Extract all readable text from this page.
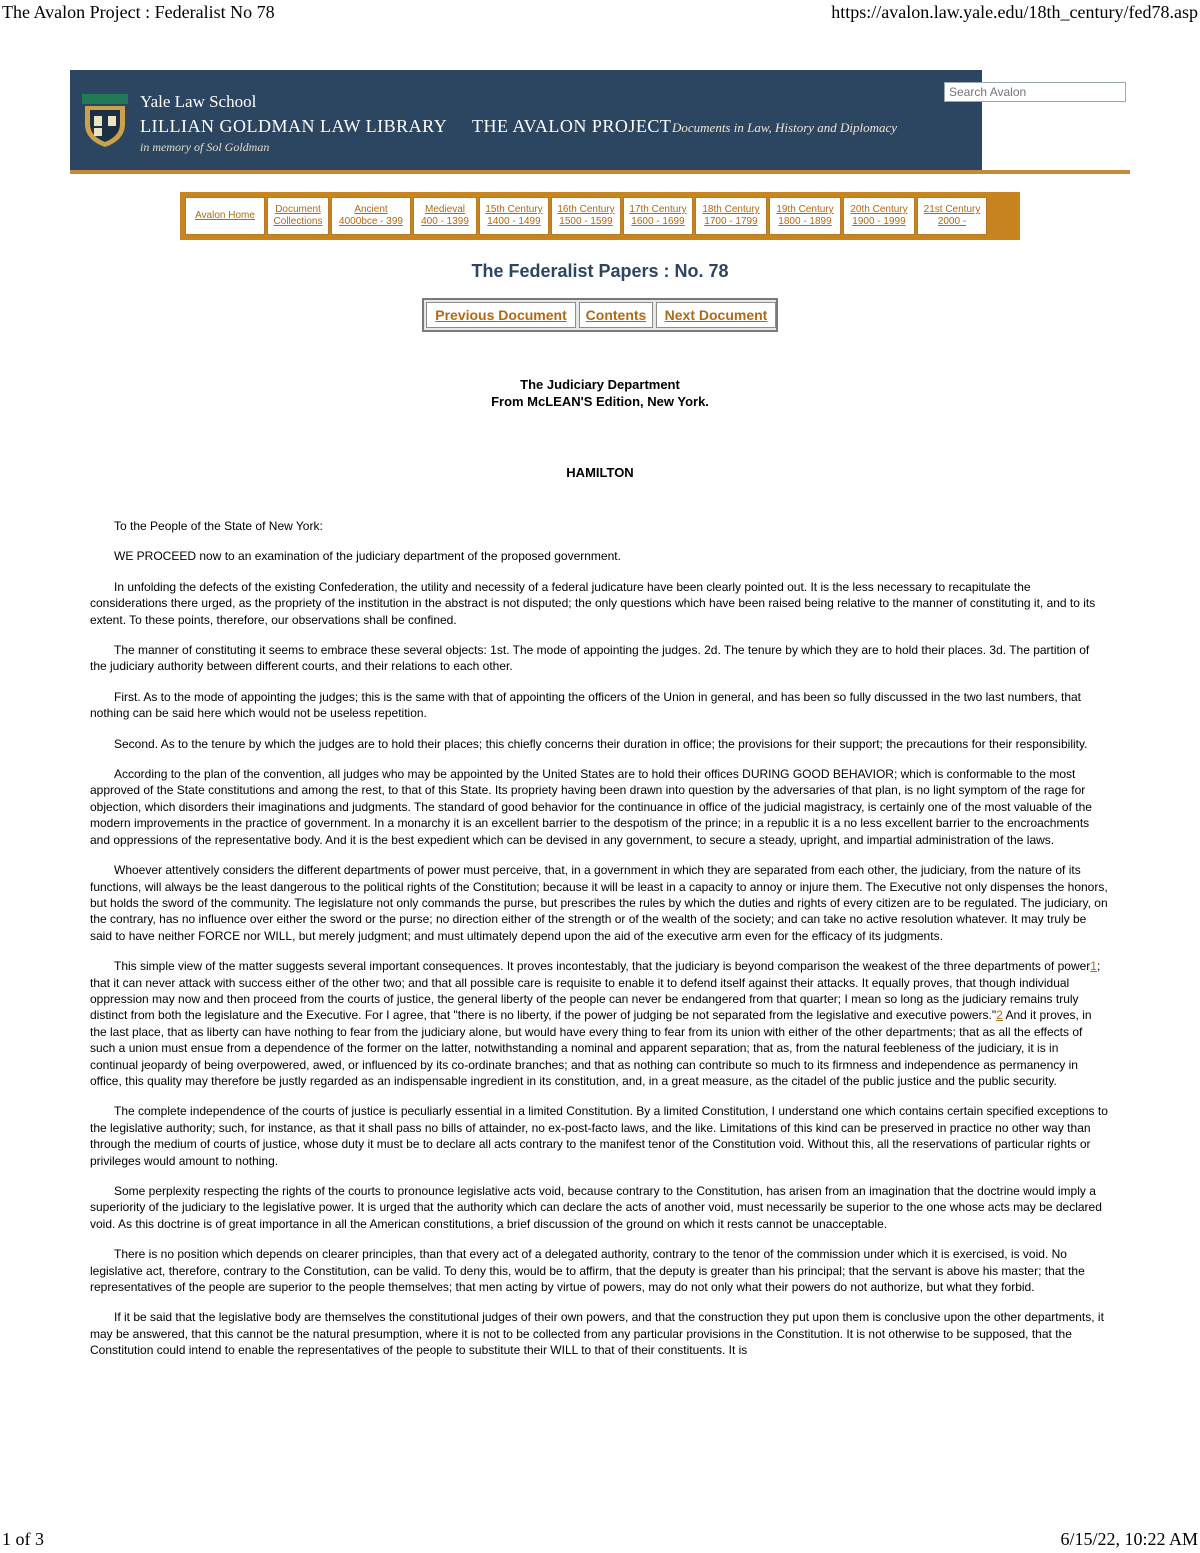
The Avalon Project : Federalist No 78	https://avalon.law.yale.edu/18th_century/fed78.asp
Yale Law School
LILLIAN GOLDMAN LAW LIBRARY
in memory of Sol Goldman
THE AVALON PROJECT Documents in Law, History and Diplomacy
Search Avalon
Avalon Home
Document
Collections
Ancient
4000bce - 399
Medieval
400 - 1399
15th Century
1400 - 1499
16th Century
1500 - 1599
17th Century
1600 - 1699
18th Century
1700 - 1799
19th Century
1800 - 1899
20th Century
1900 - 1999
21st Century
2000 -
The Federalist Papers : No. 78
Previous Document	Contents	Next Document
The Judiciary Department
From McLEAN'S Edition, New York.
HAMILTON

To the People of the State of New York:

WE PROCEED now to an examination of the judiciary department of the proposed government.

In unfolding the defects of the existing Confederation, the utility and necessity of a federal judicature have been clearly pointed out. It is the less necessary to recapitulate the considerations there urged, as the propriety of the institution in the abstract is not disputed; the only questions which have been raised being relative to the manner of constituting it, and to its extent. To these points, therefore, our observations shall be confined.

The manner of constituting it seems to embrace these several objects: 1st. The mode of appointing the judges. 2d. The tenure by which they are to hold their places. 3d. The partition of the judiciary authority between different courts, and their relations to each other.

First. As to the mode of appointing the judges; this is the same with that of appointing the officers of the Union in general, and has been so fully discussed in the two last numbers, that nothing can be said here which would not be useless repetition.

Second. As to the tenure by which the judges are to hold their places; this chiefly concerns their duration in office; the provisions for their support; the precautions for their responsibility.

According to the plan of the convention, all judges who may be appointed by the United States are to hold their offices DURING GOOD BEHAVIOR; which is conformable to the most approved of the State constitutions and among the rest, to that of this State. Its propriety having been drawn into question by the adversaries of that plan, is no light symptom of the rage for objection, which disorders their imaginations and judgments. The standard of good behavior for the continuance in office of the judicial magistracy, is certainly one of the most valuable of the modern improvements in the practice of government. In a monarchy it is an excellent barrier to the despotism of the prince; in a republic it is a no less excellent barrier to the encroachments and oppressions of the representative body. And it is the best expedient which can be devised in any government, to secure a steady, upright, and impartial administration of the laws.

Whoever attentively considers the different departments of power must perceive, that, in a government in which they are separated from each other, the judiciary, from the nature of its functions, will always be the least dangerous to the political rights of the Constitution; because it will be least in a capacity to annoy or injure them. The Executive not only dispenses the honors, but holds the sword of the community. The legislature not only commands the purse, but prescribes the rules by which the duties and rights of every citizen are to be regulated. The judiciary, on the contrary, has no influence over either the sword or the purse; no direction either of the strength or of the wealth of the society; and can take no active resolution whatever. It may truly be said to have neither FORCE nor WILL, but merely judgment; and must ultimately depend upon the aid of the executive arm even for the efficacy of its judgments.

This simple view of the matter suggests several important consequences. It proves incontestably, that the judiciary is beyond comparison the weakest of the three departments of power1; that it can never attack with success either of the other two; and that all possible care is requisite to enable it to defend itself against their attacks. It equally proves, that though individual oppression may now and then proceed from the courts of justice, the general liberty of the people can never be endangered from that quarter; I mean so long as the judiciary remains truly distinct from both the legislature and the Executive. For I agree, that "there is no liberty, if the power of judging be not separated from the legislative and executive powers."2 And it proves, in the last place, that as liberty can have nothing to fear from the judiciary alone, but would have every thing to fear from its union with either of the other departments; that as all the effects of such a union must ensue from a dependence of the former on the latter, notwithstanding a nominal and apparent separation; that as, from the natural feebleness of the judiciary, it is in continual jeopardy of being overpowered, awed, or influenced by its co-ordinate branches; and that as nothing can contribute so much to its firmness and independence as permanency in office, this quality may therefore be justly regarded as an indispensable ingredient in its constitution, and, in a great measure, as the citadel of the public justice and the public security.

The complete independence of the courts of justice is peculiarly essential in a limited Constitution. By a limited Constitution, I understand one which contains certain specified exceptions to the legislative authority; such, for instance, as that it shall pass no bills of attainder, no ex-post-facto laws, and the like. Limitations of this kind can be preserved in practice no other way than through the medium of courts of justice, whose duty it must be to declare all acts contrary to the manifest tenor of the Constitution void. Without this, all the reservations of particular rights or privileges would amount to nothing.

Some perplexity respecting the rights of the courts to pronounce legislative acts void, because contrary to the Constitution, has arisen from an imagination that the doctrine would imply a superiority of the judiciary to the legislative power. It is urged that the authority which can declare the acts of another void, must necessarily be superior to the one whose acts may be declared void. As this doctrine is of great importance in all the American constitutions, a brief discussion of the ground on which it rests cannot be unacceptable.

There is no position which depends on clearer principles, than that every act of a delegated authority, contrary to the tenor of the commission under which it is exercised, is void. No legislative act, therefore, contrary to the Constitution, can be valid. To deny this, would be to affirm, that the deputy is greater than his principal; that the servant is above his master; that the representatives of the people are superior to the people themselves; that men acting by virtue of powers, may do not only what their powers do not authorize, but what they forbid.

If it be said that the legislative body are themselves the constitutional judges of their own powers, and that the construction they put upon them is conclusive upon the other departments, it may be answered, that this cannot be the natural presumption, where it is not to be collected from any particular provisions in the Constitution. It is not otherwise to be supposed, that the Constitution could intend to enable the representatives of the people to substitute their WILL to that of their constituents. It is

1 of 3	6/15/22, 10:22 AM
